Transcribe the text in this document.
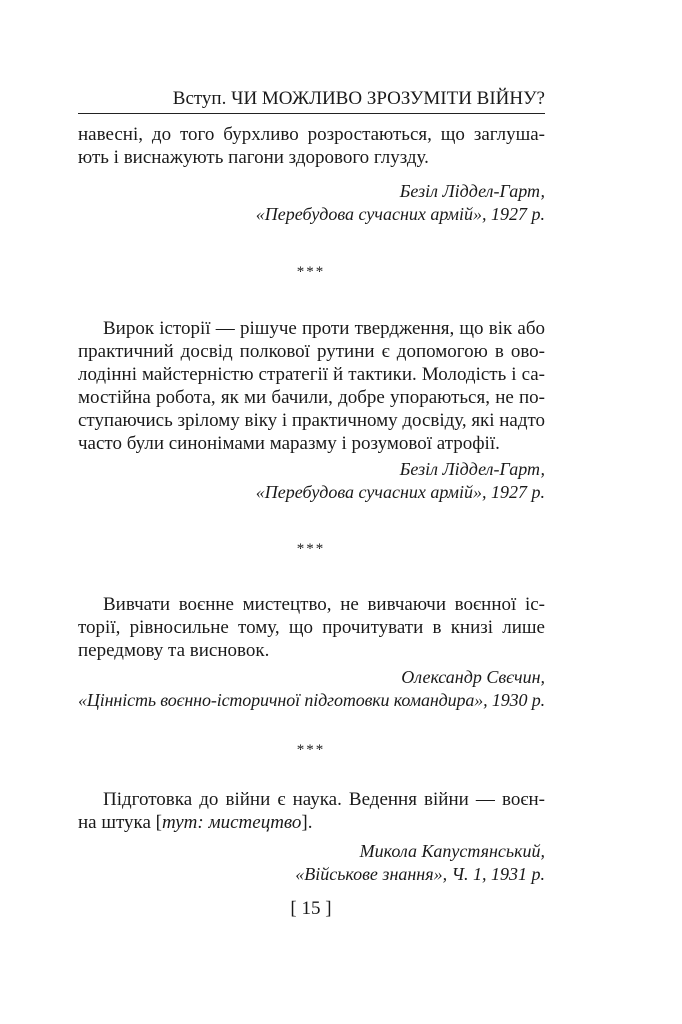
Вступ. ЧИ МОЖЛИВО ЗРОЗУМІТИ ВІЙНУ?
навесні, до того бурхливо розростаються, що заглуша-
ють і виснажують пагони здорового глузду.
Безіл Ліддел-Гарт,
«Перебудова сучасних армій», 1927 р.
***
Вирок історії — рішуче проти твердження, що вік або
практичний досвід полкової рутини є допомогою в ово-
лодінні майстерністю стратегії й тактики. Молодість і са-
мостійна робота, як ми бачили, добре упораються, не по-
ступаючись зрілому віку і практичному досвіду, які надто
часто були синонімами маразму і розумової атрофії.
Безіл Ліддел-Гарт,
«Перебудова сучасних армій», 1927 р.
***
Вивчати воєнне мистецтво, не вивчаючи воєнної іс-
торії, рівносильне тому, що прочитувати в книзі лише
передмову та висновок.
Олександр Свєчин,
«Цінність воєнно-історичної підготовки командира», 1930 р.
***
Підготовка до війни є наука. Ведення війни — воєн-
на штука [тут: мистецтво].
Микола Капустянський,
«Військове знання», Ч. 1, 1931 р.
[ 15 ]
